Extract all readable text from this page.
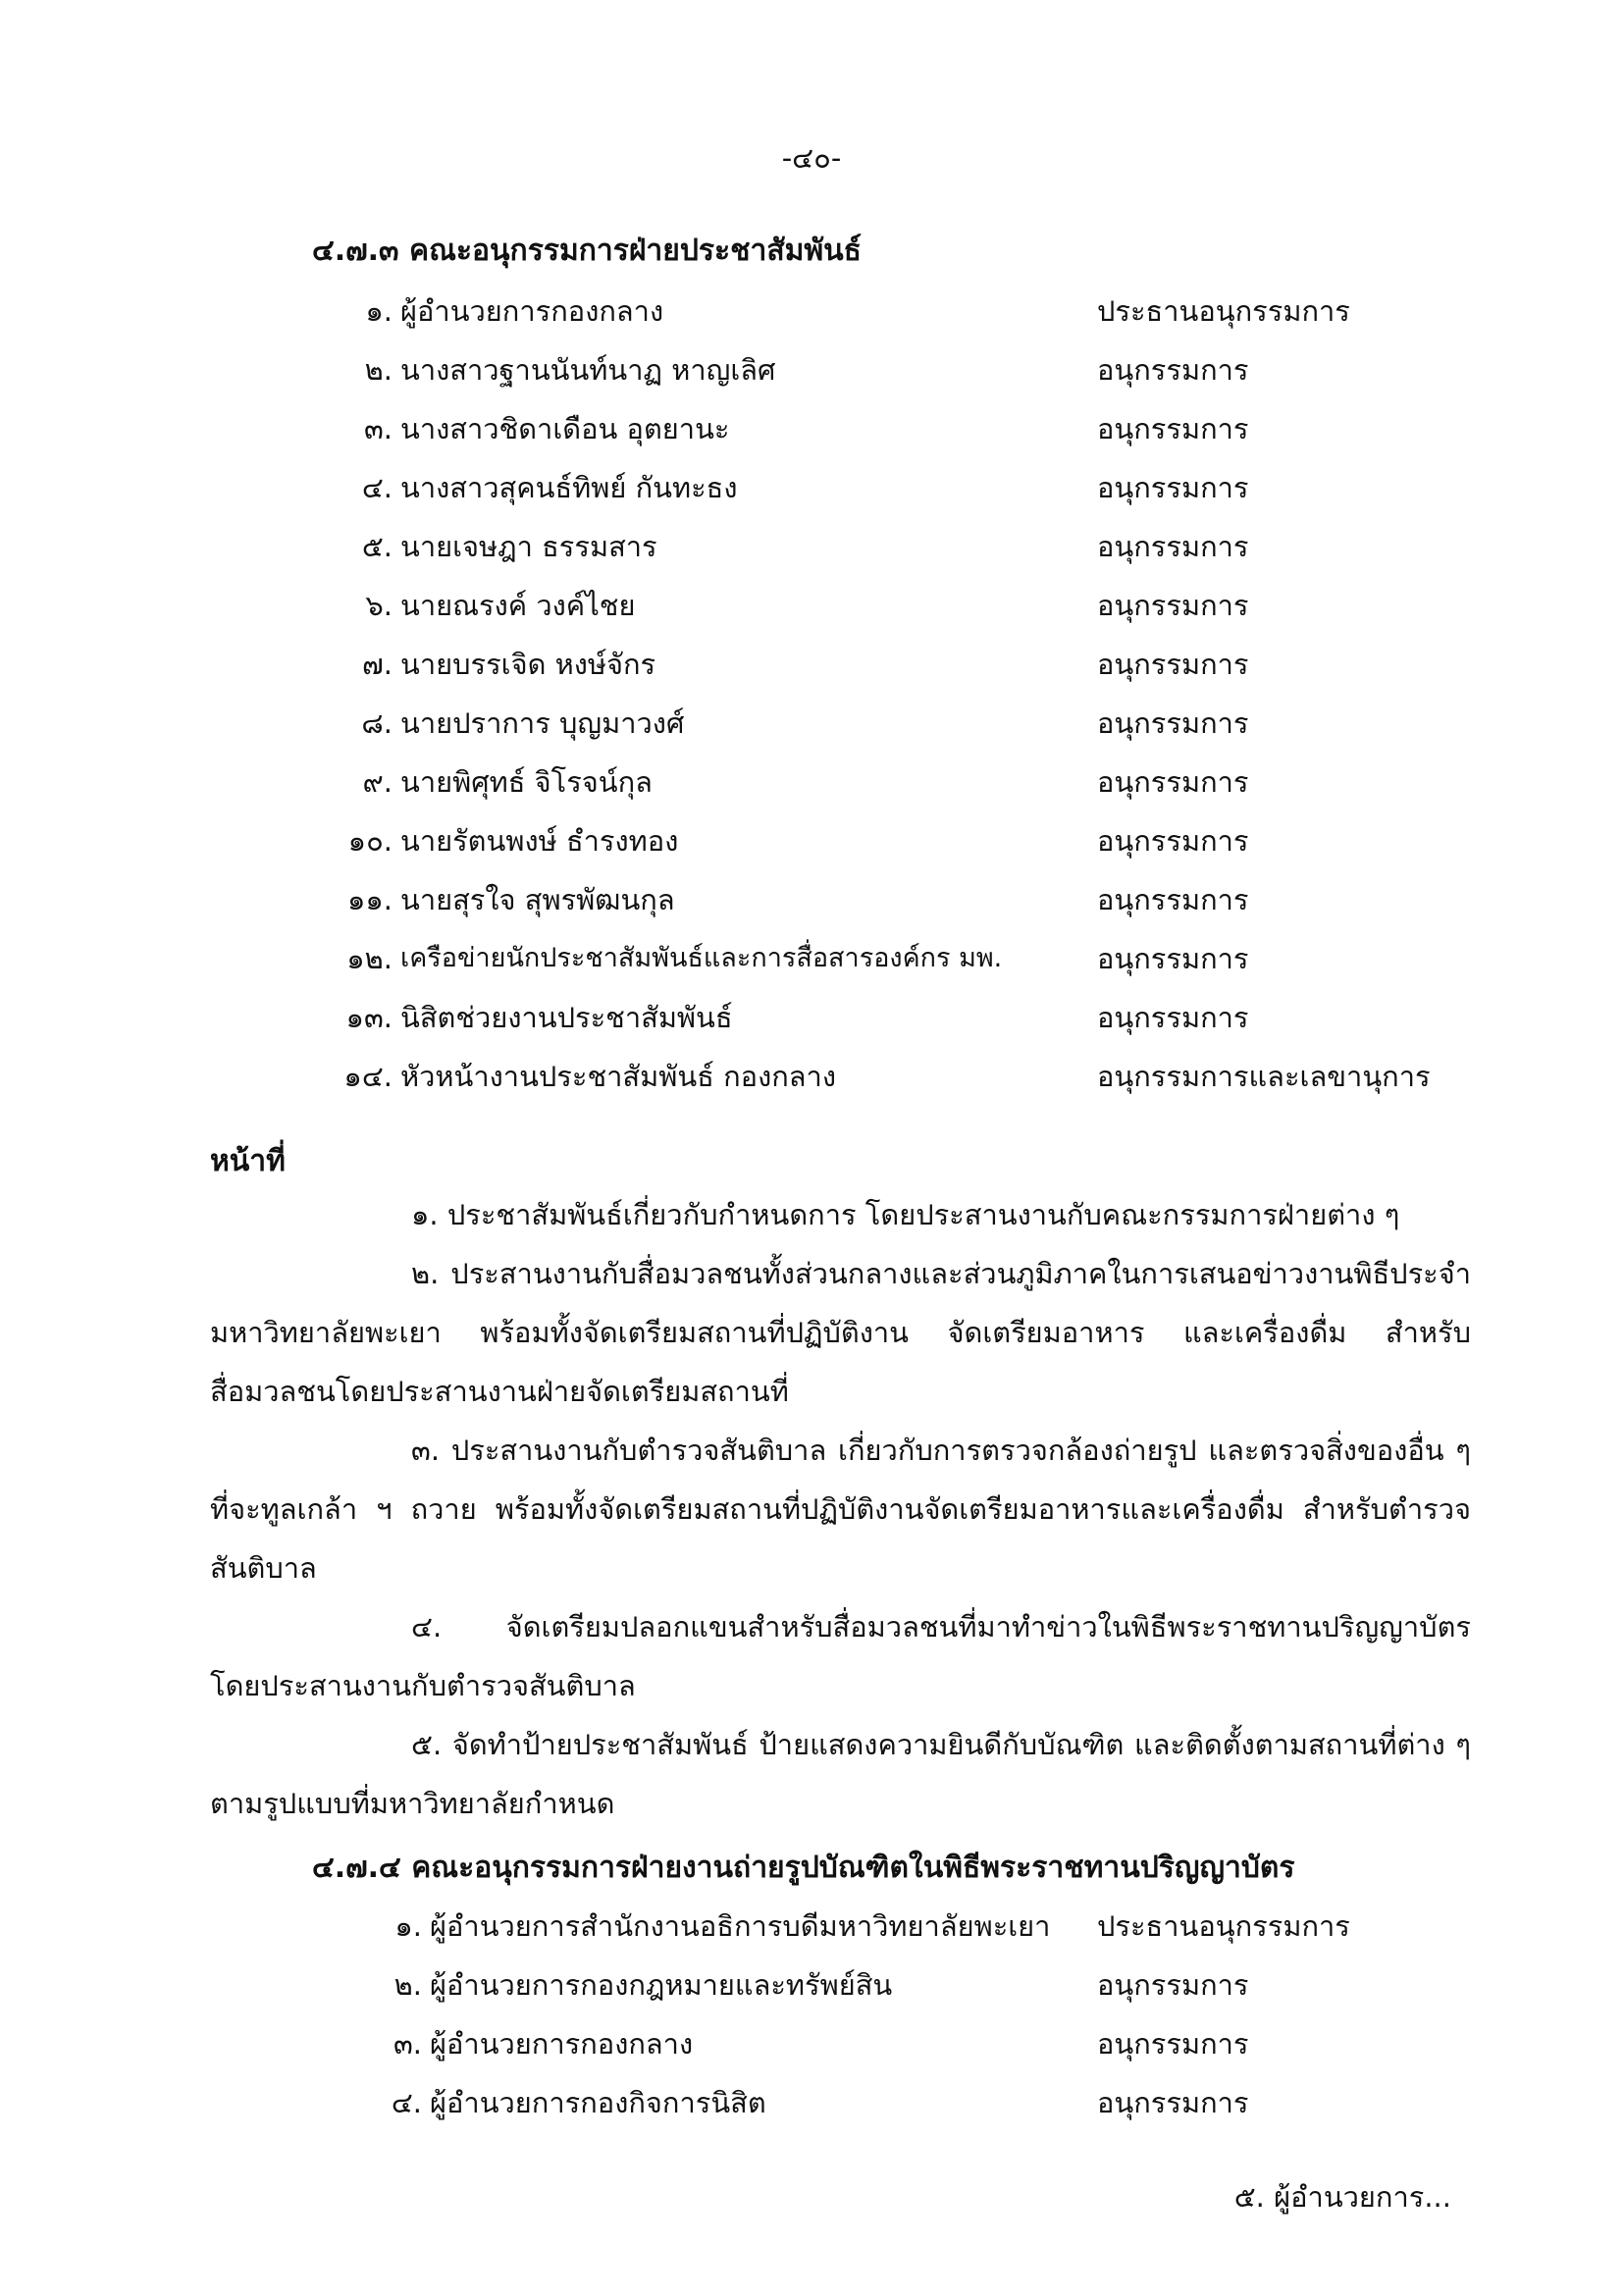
-๔๐-
๔.๗.๓ คณะอนุกรรมการฝ่ายประชาสัมพันธ์
๑. ผู้อำนวยการกองกลาง	ประธานอนุกรรมการ
๒. นางสาวฐานนันท์นาฏ หาญเลิศ	อนุกรรมการ
๓. นางสาวชิดาเดือน อุตยานะ	อนุกรรมการ
๔. นางสาวสุคนธ์ทิพย์ กันทะธง	อนุกรรมการ
๕. นายเจษฎา ธรรมสาร	อนุกรรมการ
๖. นายณรงค์ วงค์ไชย	อนุกรรมการ
๗. นายบรรเจิด หงษ์จักร	อนุกรรมการ
๘. นายปราการ บุญมาวงศ์	อนุกรรมการ
๙. นายพิศุทธ์ จิโรจน์กุล	อนุกรรมการ
๑๐. นายรัตนพงษ์ ธำรงทอง	อนุกรรมการ
๑๑. นายสุรใจ สุพรพัฒนกุล	อนุกรรมการ
๑๒. เครือข่ายนักประชาสัมพันธ์และการสื่อสารองค์กร มพ.	อนุกรรมการ
๑๓. นิสิตช่วยงานประชาสัมพันธ์	อนุกรรมการ
๑๔. หัวหน้างานประชาสัมพันธ์ กองกลาง	อนุกรรมการและเลขานุการ
หน้าที่
๑. ประชาสัมพันธ์เกี่ยวกับกำหนดการ โดยประสานงานกับคณะกรรมการฝ่ายต่าง ๆ
๒. ประสานงานกับสื่อมวลชนทั้งส่วนกลางและส่วนภูมิภาคในการเสนอข่าวงานพิธีประจำมหาวิทยาลัยพะเยา พร้อมทั้งจัดเตรียมสถานที่ปฏิบัติงาน จัดเตรียมอาหาร และเครื่องดื่ม สำหรับสื่อมวลชนโดยประสานงานฝ่ายจัดเตรียมสถานที่
๓. ประสานงานกับตำรวจสันติบาล เกี่ยวกับการตรวจกล้องถ่ายรูป และตรวจสิ่งของอื่น ๆ ที่จะทูลเกล้า ฯ ถวาย พร้อมทั้งจัดเตรียมสถานที่ปฏิบัติงานจัดเตรียมอาหารและเครื่องดื่ม สำหรับตำรวจสันติบาล
๔. จัดเตรียมปลอกแขนสำหรับสื่อมวลชนที่มาทำข่าวในพิธีพระราชทานปริญญาบัตร โดยประสานงานกับตำรวจสันติบาล
๕. จัดทำป้ายประชาสัมพันธ์ ป้ายแสดงความยินดีกับบัณฑิต และติดตั้งตามสถานที่ต่าง ๆ ตามรูปแบบที่มหาวิทยาลัยกำหนด
๔.๗.๔ คณะอนุกรรมการฝ่ายงานถ่ายรูปบัณฑิตในพิธีพระราชทานปริญญาบัตร
๑. ผู้อำนวยการสำนักงานอธิการบดีมหาวิทยาลัยพะเยา ประธานอนุกรรมการ
๒. ผู้อำนวยการกองกฎหมายและทรัพย์สิน	อนุกรรมการ
๓. ผู้อำนวยการกองกลาง	อนุกรรมการ
๔. ผู้อำนวยการกองกิจการนิสิต	อนุกรรมการ
๕. ผู้อำนวยการ...
